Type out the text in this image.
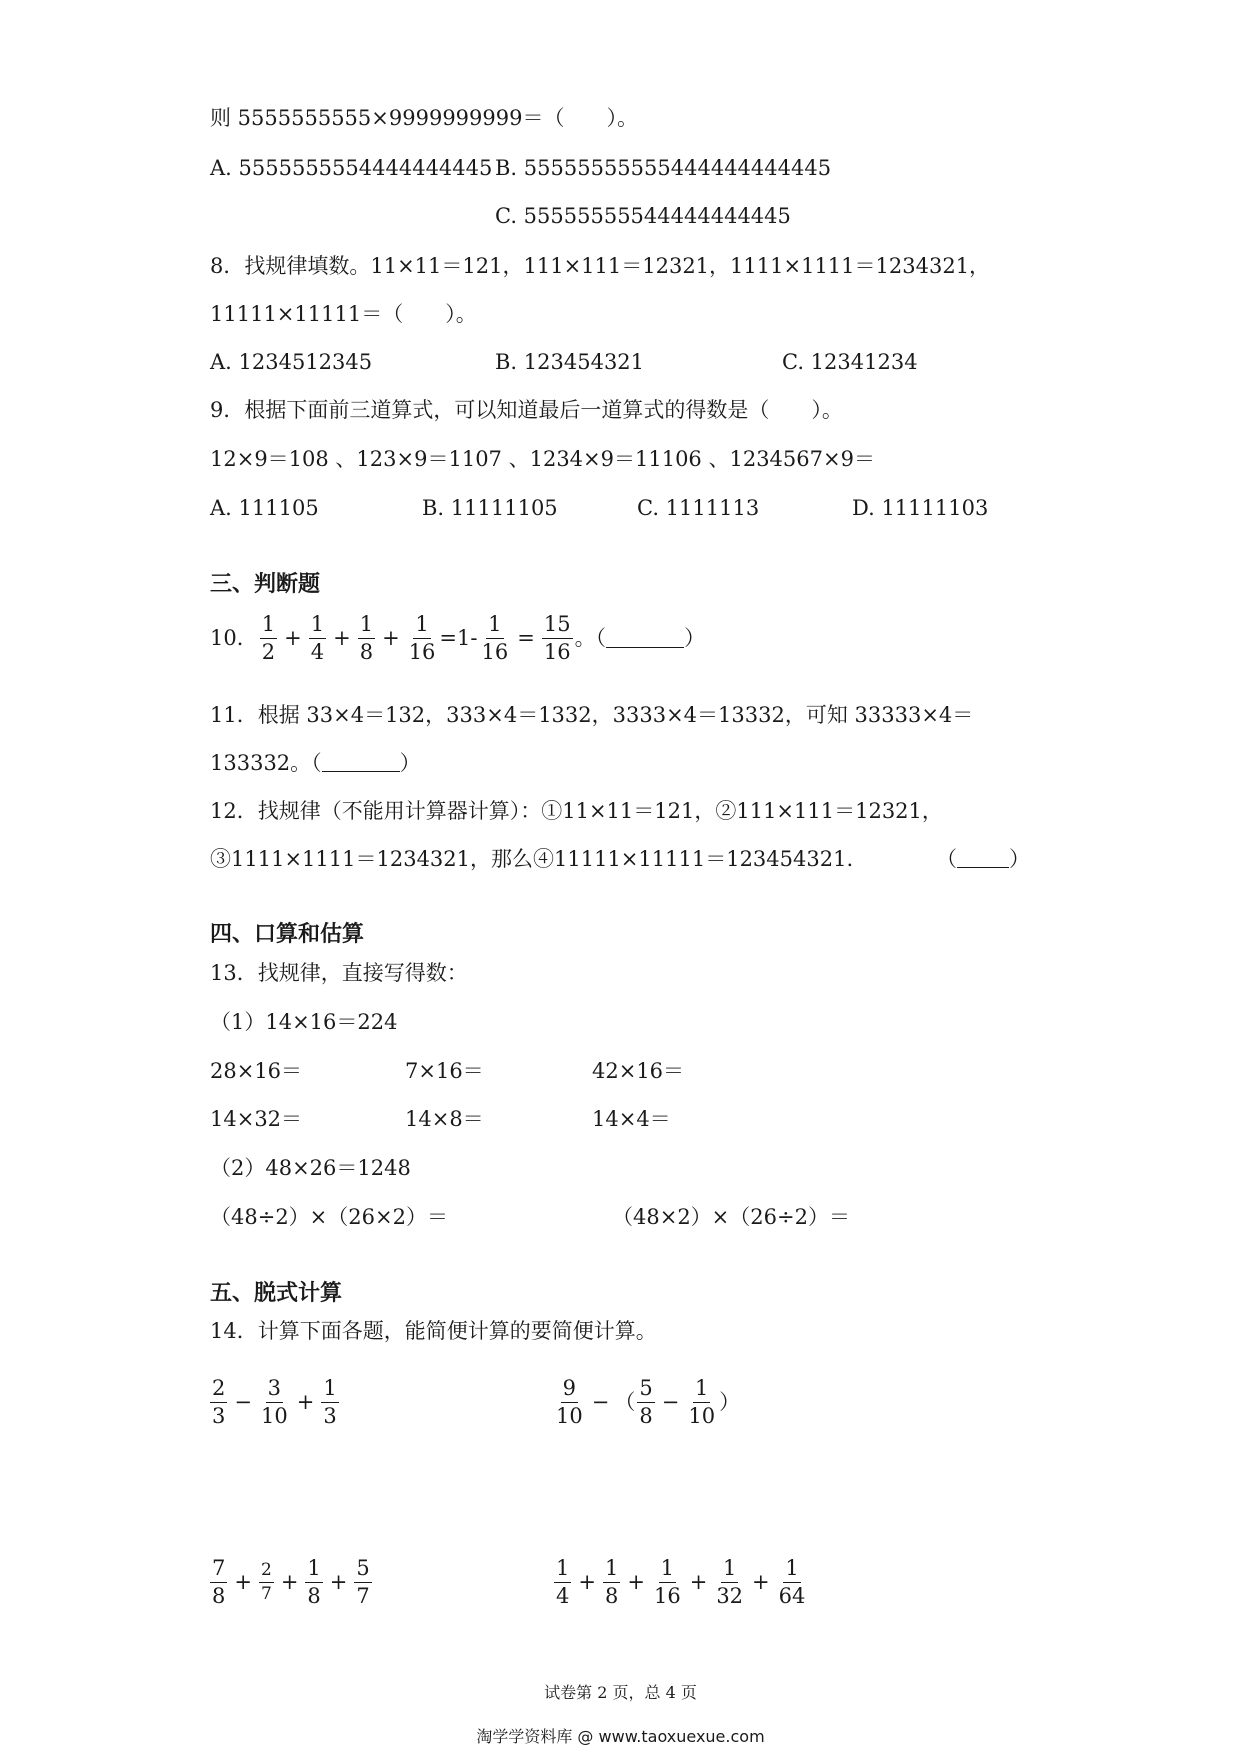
则 5555555555×9999999999＝（　　）。
A. 5555555554444444445 B. 55555555555444444444445
C. 55555555544444444445
8．找规律填数。11×11＝121，111×111＝12321，1111×1111＝1234321，
11111×11111＝（　　）。
A. 1234512345	B. 123454321	C. 12341234
9．根据下面前三道算式，可以知道最后一道算式的得数是（　　）。
12×9＝108 、123×9＝1107 、1234×9＝11106 、1234567×9＝
A. 111105	B. 11111105	C. 1111113	D. 11111103
三、判断题
10． $\frac{1}{2} + \frac{1}{4} + \frac{1}{8} + \frac{1}{16} =1- \frac{1}{16} = \frac{15}{16}$ 。（	）
11．根据 33×4＝132，333×4＝1332，3333×4＝13332，可知 33333×4＝
133332。（	）
12．找规律（不能用计算器计算）：①11×11＝121，②111×111＝12321，
③1111×1111＝1234321，那么④11111×11111＝123454321.	（ ）
四、口算和估算
13．找规律，直接写得数：
（1）14×16＝224
28×16＝	7×16＝	42×16＝
14×32＝	14×8＝	14×4＝
（2）48×26＝1248
（48÷2）×（26×2）＝	（48×2）×（26÷2）＝
五、脱式计算
14．计算下面各题，能简便计算的要简便计算。
$\frac{2}{3} - \frac{3}{10} + \frac{1}{3}$	$\frac{9}{10}$ − （ $\frac{5}{8} - \frac{1}{10}$ ）
$\frac{7}{8} + \frac{2}{7} + \frac{1}{8} + \frac{5}{7}$	$\frac{1}{4} + \frac{1}{8} + \frac{1}{16} + \frac{1}{32} + \frac{1}{64}$
试卷第 2 页，总 4 页
淘学学资料库 @ www.taoxuexue.com
